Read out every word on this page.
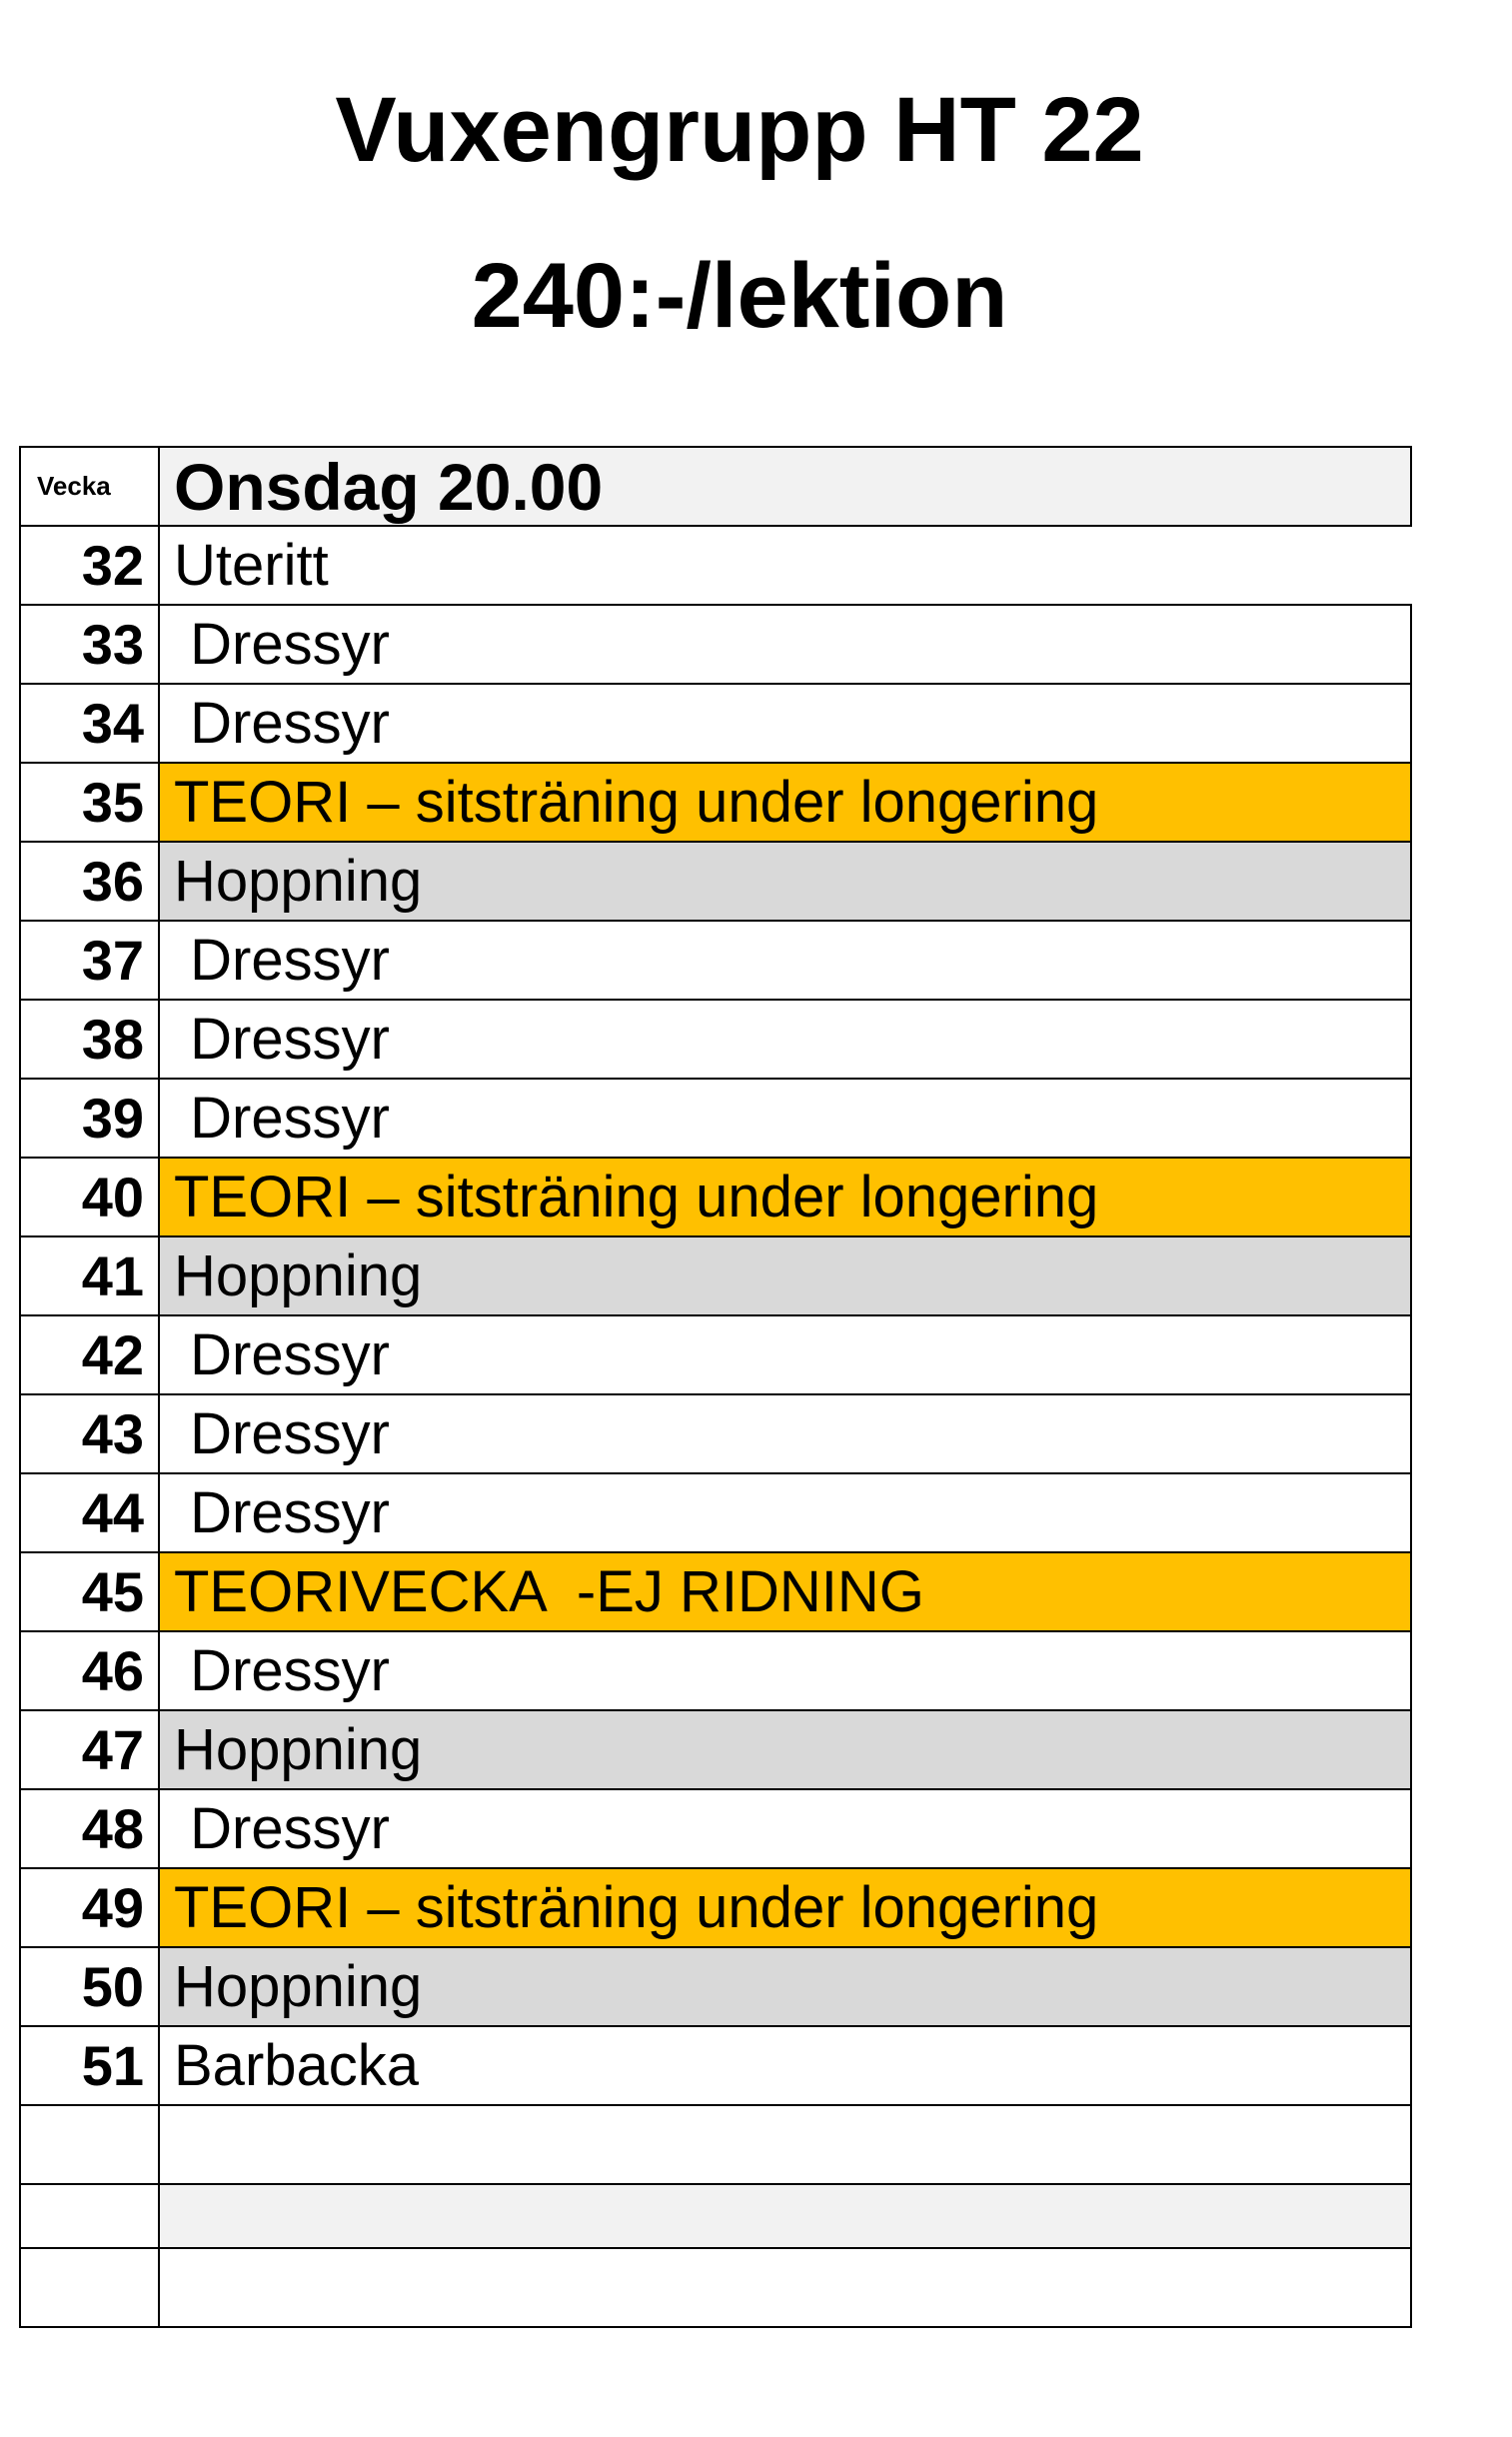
Vuxengrupp HT 22
240:-/lektion
Vecka	Onsdag 20.00
32	Uteritt
33	Dressyr
34	Dressyr
35	TEORI – sitsträning under longering
36	Hoppning
37	Dressyr
38	Dressyr
39	Dressyr
40	TEORI – sitsträning under longering
41	Hoppning
42	Dressyr
43	Dressyr
44	Dressyr
45	TEORIVECKA  -EJ RIDNING
46	Dressyr
47	Hoppning
48	Dressyr
49	TEORI – sitsträning under longering
50	Hoppning
51	Barbacka
